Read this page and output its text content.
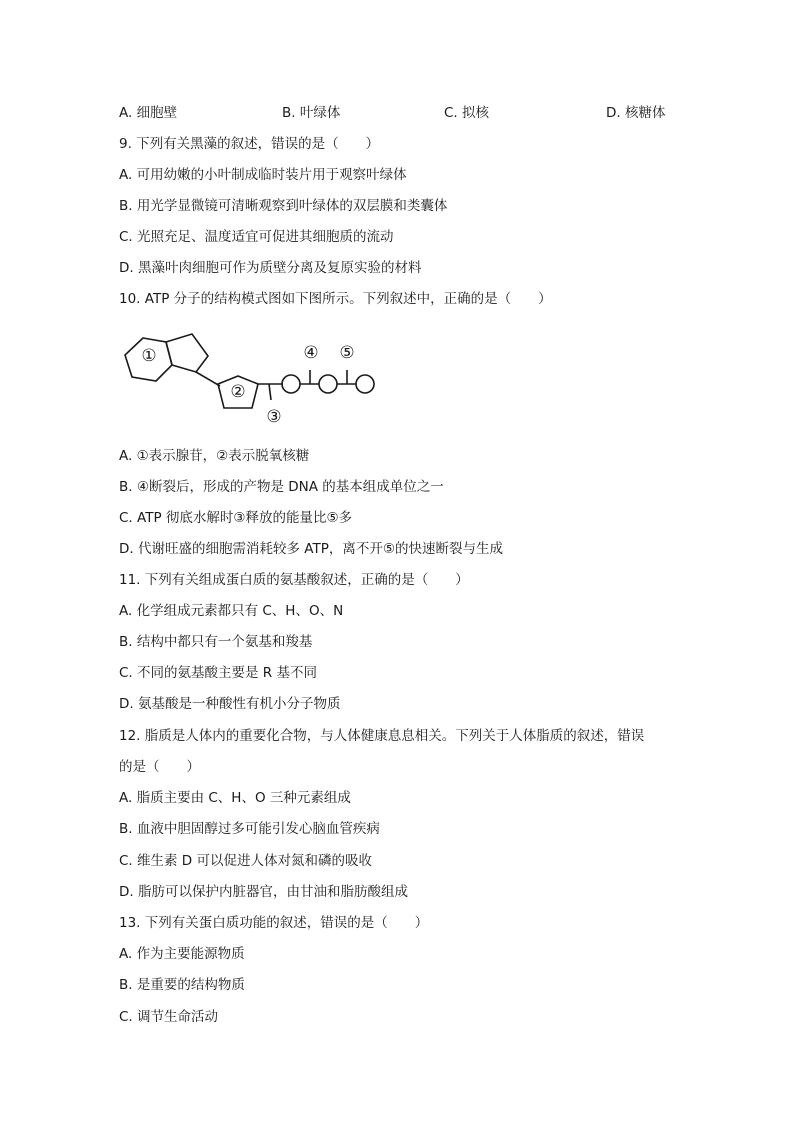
A. 细胞壁	B. 叶绿体	C. 拟核	D. 核糖体
9. 下列有关黑藻的叙述，错误的是（　　）
A. 可用幼嫩的小叶制成临时装片用于观察叶绿体
B. 用光学显微镜可清晰观察到叶绿体的双层膜和类囊体
C. 光照充足、温度适宜可促进其细胞质的流动
D. 黑藻叶肉细胞可作为质壁分离及复原实验的材料
10. ATP 分子的结构模式图如下图所示。下列叙述中，正确的是（　　）
①
②
③
④ ⑤
A. ①表示腺苷，②表示脱氧核糖
B. ④断裂后，形成的产物是 DNA 的基本组成单位之一
C. ATP 彻底水解时③释放的能量比⑤多
D. 代谢旺盛的细胞需消耗较多 ATP，离不开⑤的快速断裂与生成
11. 下列有关组成蛋白质的氨基酸叙述，正确的是（　　）
A. 化学组成元素都只有 C、H、O、N
B. 结构中都只有一个氨基和羧基
C. 不同的氨基酸主要是 R 基不同
D. 氨基酸是一种酸性有机小分子物质
12. 脂质是人体内的重要化合物，与人体健康息息相关。下列关于人体脂质的叙述，错误
的是（　　）
A. 脂质主要由 C、H、O 三种元素组成
B. 血液中胆固醇过多可能引发心脑血管疾病
C. 维生素 D 可以促进人体对氮和磷的吸收
D. 脂肪可以保护内脏器官，由甘油和脂肪酸组成
13. 下列有关蛋白质功能的叙述，错误的是（　　）
A. 作为主要能源物质
B. 是重要的结构物质
C. 调节生命活动
